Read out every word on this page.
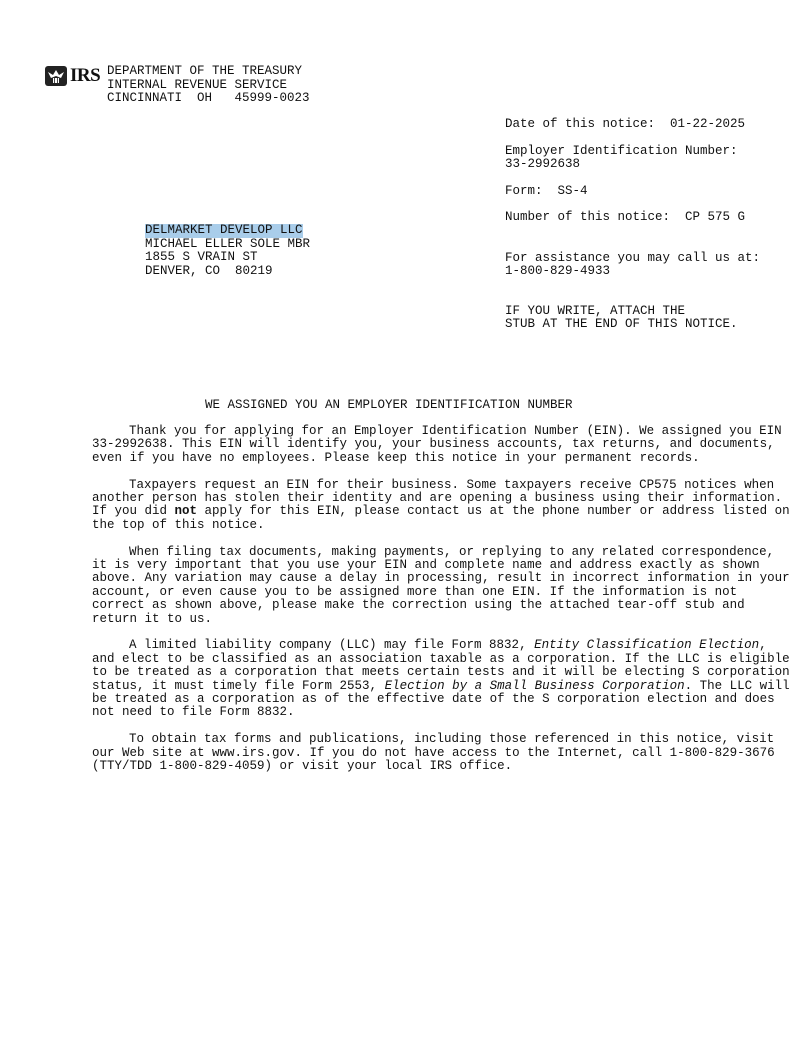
IRS DEPARTMENT OF THE TREASURY
INTERNAL REVENUE SERVICE
CINCINNATI  OH   45999-0023
Date of this notice: 01-22-2025
Employer Identification Number:
33-2992638
Form: SS-4
Number of this notice: CP 575 G
For assistance you may call us at:
1-800-829-4933
IF YOU WRITE, ATTACH THE
STUB AT THE END OF THIS NOTICE.
DELMARKET DEVELOP LLC
MICHAEL ELLER SOLE MBR
1855 S VRAIN ST
DENVER, CO  80219
WE ASSIGNED YOU AN EMPLOYER IDENTIFICATION NUMBER

Thank you for applying for an Employer Identification Number (EIN). We assigned you EIN 33-2992638. This EIN will identify you, your business accounts, tax returns, and documents, even if you have no employees. Please keep this notice in your permanent records.

Taxpayers request an EIN for their business. Some taxpayers receive CP575 notices when another person has stolen their identity and are opening a business using their information. If you did not apply for this EIN, please contact us at the phone number or address listed on the top of this notice.

When filing tax documents, making payments, or replying to any related correspondence, it is very important that you use your EIN and complete name and address exactly as shown above. Any variation may cause a delay in processing, result in incorrect information in your account, or even cause you to be assigned more than one EIN. If the information is not correct as shown above, please make the correction using the attached tear-off stub and return it to us.

A limited liability company (LLC) may file Form 8832, Entity Classification Election, and elect to be classified as an association taxable as a corporation. If the LLC is eligible to be treated as a corporation that meets certain tests and it will be electing S corporation status, it must timely file Form 2553, Election by a Small Business Corporation. The LLC will be treated as a corporation as of the effective date of the S corporation election and does not need to file Form 8832.

To obtain tax forms and publications, including those referenced in this notice, visit our Web site at www.irs.gov. If you do not have access to the Internet, call 1-800-829-3676 (TTY/TDD 1-800-829-4059) or visit your local IRS office.
